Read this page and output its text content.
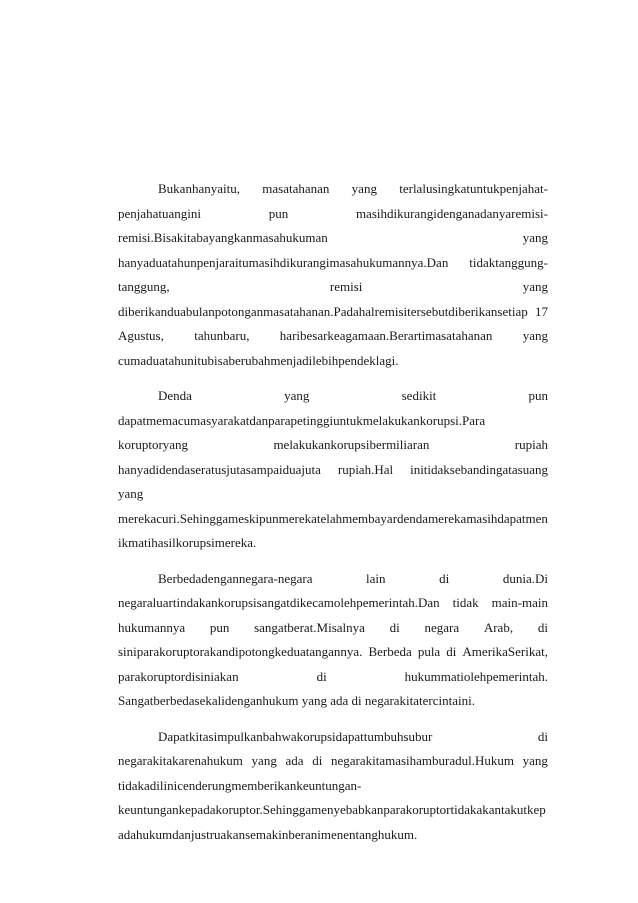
Bukanhanyaitu, masatahanan yang terlalusingkatuntukpenjahat-
penjahatuangini	pun	masihdikurangidenganadanyaremisi-
remisi.Bisakitabayangkanmasahukuman	yang
hanyaduatahunpenjaraitumasihdikurangimasahukumannya.Dan tidaktanggung-
tanggung,	remisi	yang
diberikanduabulanpotonganmasatahanan.Padahalremisitersebutdiberikansetiap 17
Agustus, tahunbaru, haribesarkeagamaan.Berartimasatahanan yang
cumaduatahunitubisaberubahmenjadilebihpendeklagi.
Denda	yang	sedikit	pun
dapatmemacumasyarakatdanparapetinggiuntukmelakukankorupsi.Para
koruptoryang	melakukankorupsibermiliaran	rupiah
hanyadidendaseratusjutasampaiduajuta rupiah.Hal initidaksebandingatasuang
yang
merekacuri.Sehinggameskipunmerekatelahmembayardendamerekamasihdapatmen
ikmatihasilkorupsimereka.
Berbedadengannegara-negara	lain	di	dunia.Di
negaraluartindakankorupsisangatdikecamolehpemerintah.Dan tidak main-main
hukumannya pun sangatberat.Misalnya di negara Arab, di
siniparakoruptorakandipotongkeduatangannya. Berbeda pula di AmerikaSerikat,
parakoruptordisiniakan	di	hukummatiolehpemerintah.
Sangatberbedasekalidenganhukum yang ada di negarakitatercintaini.
Dapatkitasimpulkanbahwakorupsidapattumbuhsubur	di
negarakitakarenahukum yang ada di negarakitamasihamburadul.Hukum yang
tidakadilinicenderungmemberikankeuntungan-
keuntungankepadakoruptor.Sehinggamenyebabkanparakoruptortidakakantakutkep
adahukumdanjustruakansemakinberanimenentanghukum.
